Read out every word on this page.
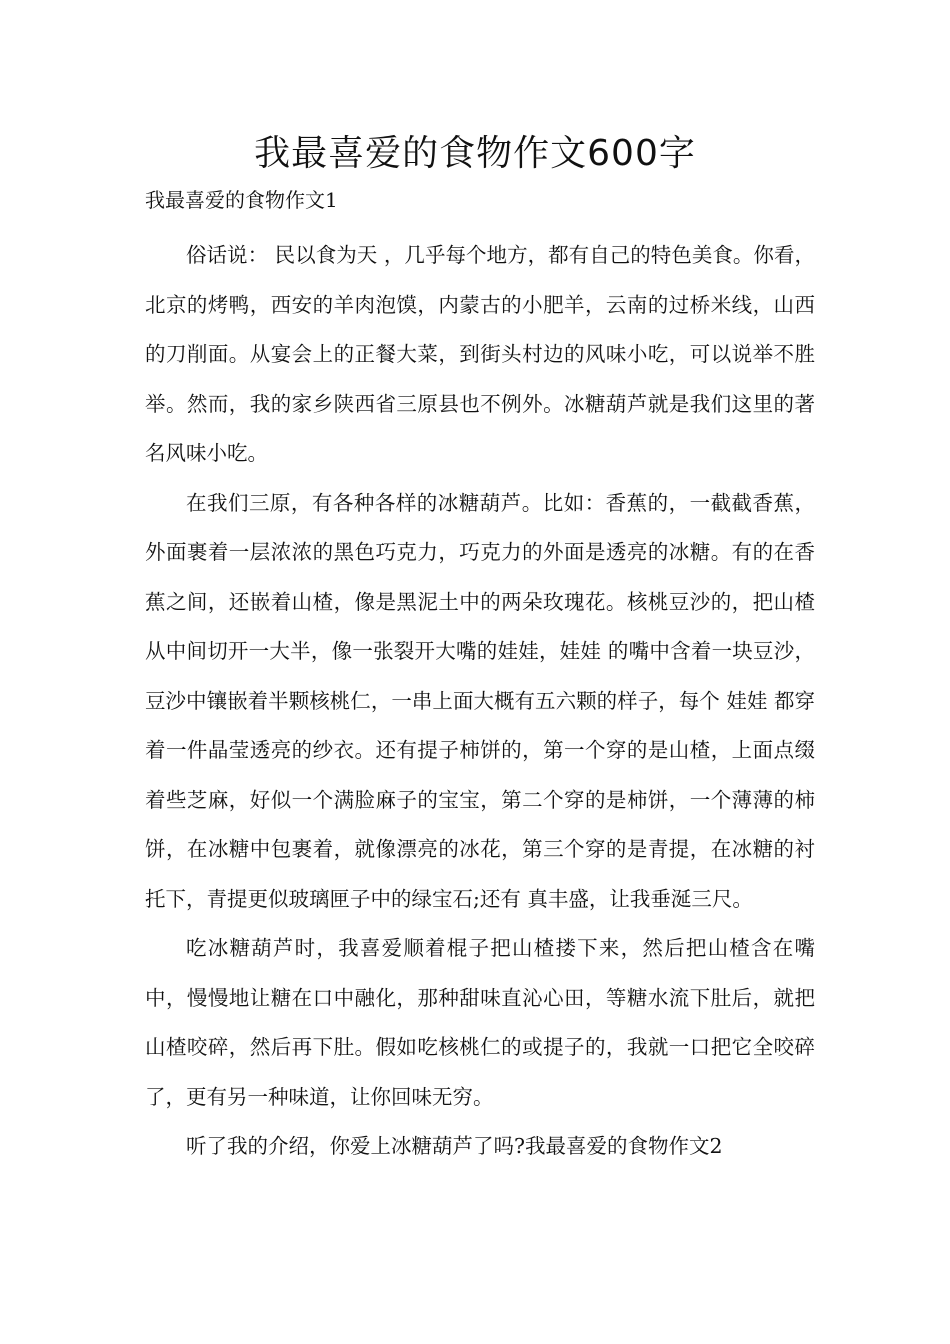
我最喜爱的食物作文600字

我最喜爱的食物作文1

俗话说： 民以食为天 ，几乎每个地方，都有自己的特色美食。你看，北京的烤鸭，西安的羊肉泡馍，内蒙古的小肥羊，云南的过桥米线，山西的刀削面。从宴会上的正餐大菜，到街头村边的风味小吃，可以说举不胜举。然而，我的家乡陕西省三原县也不例外。冰糖葫芦就是我们这里的著名风味小吃。

在我们三原，有各种各样的冰糖葫芦。比如：香蕉的，一截截香蕉，外面裹着一层浓浓的黑色巧克力，巧克力的外面是透亮的冰糖。有的在香蕉之间，还嵌着山楂，像是黑泥土中的两朵玫瑰花。核桃豆沙的，把山楂从中间切开一大半，像一张裂开大嘴的娃娃，娃娃 的嘴中含着一块豆沙，豆沙中镶嵌着半颗核桃仁，一串上面大概有五六颗的样子，每个 娃娃 都穿着一件晶莹透亮的纱衣。还有提子柿饼的，第一个穿的是山楂，上面点缀着些芝麻，好似一个满脸麻子的宝宝，第二个穿的是柿饼，一个薄薄的柿饼，在冰糖中包裹着，就像漂亮的冰花，第三个穿的是青提，在冰糖的衬托下，青提更似玻璃匣子中的绿宝石;还有 真丰盛，让我垂涎三尺。

吃冰糖葫芦时，我喜爱顺着棍子把山楂搂下来，然后把山楂含在嘴中，慢慢地让糖在口中融化，那种甜味直沁心田，等糖水流下肚后，就把山楂咬碎，然后再下肚。假如吃核桃仁的或提子的，我就一口把它全咬碎了，更有另一种味道，让你回味无穷。

听了我的介绍，你爱上冰糖葫芦了吗?我最喜爱的食物作文2
